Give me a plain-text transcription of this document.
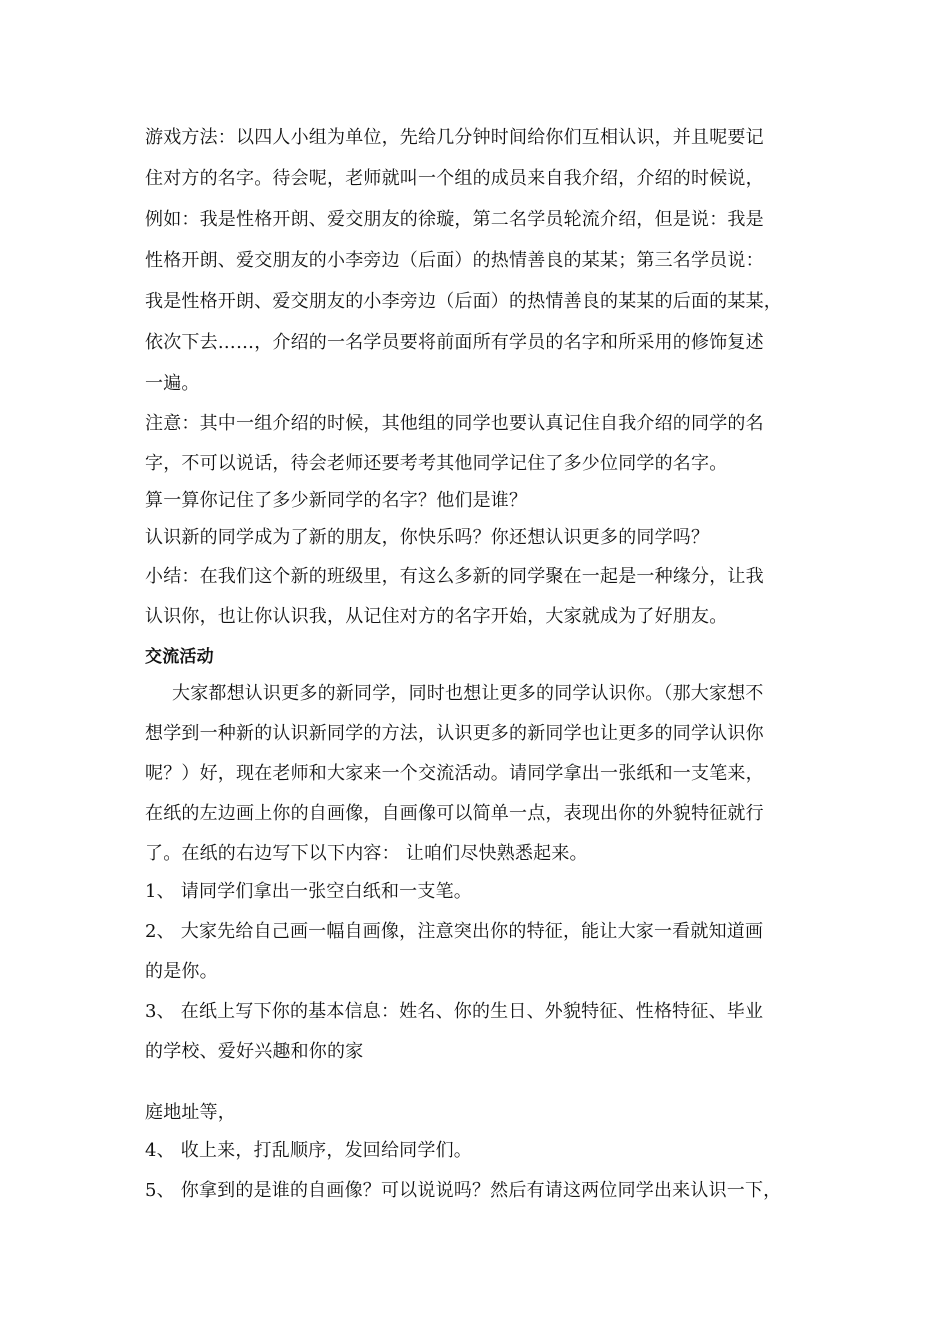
游戏方法：以四人小组为单位，先给几分钟时间给你们互相认识，并且呢要记
住对方的名字。待会呢，老师就叫一个组的成员来自我介绍，介绍的时候说，
例如：我是性格开朗、爱交朋友的徐璇，第二名学员轮流介绍，但是说：我是
性格开朗、爱交朋友的小李旁边（后面）的热情善良的某某；第三名学员说：
我是性格开朗、爱交朋友的小李旁边（后面）的热情善良的某某的后面的某某，
依次下去……，介绍的一名学员要将前面所有学员的名字和所采用的修饰复述
一遍。
注意：其中一组介绍的时候，其他组的同学也要认真记住自我介绍的同学的名
字，不可以说话，待会老师还要考考其他同学记住了多少位同学的名字。
算一算你记住了多少新同学的名字？他们是谁？
认识新的同学成为了新的朋友，你快乐吗？你还想认识更多的同学吗？
小结：在我们这个新的班级里，有这么多新的同学聚在一起是一种缘分，让我
认识你，也让你认识我，从记住对方的名字开始，大家就成为了好朋友。
交流活动
大家都想认识更多的新同学，同时也想让更多的同学认识你。（那大家想不
想学到一种新的认识新同学的方法，认识更多的新同学也让更多的同学认识你
呢？）好，现在老师和大家来一个交流活动。请同学拿出一张纸和一支笔来，
在纸的左边画上你的自画像，自画像可以简单一点，表现出你的外貌特征就行
了。在纸的右边写下以下内容： 让咱们尽快熟悉起来。
1、 请同学们拿出一张空白纸和一支笔。
2、 大家先给自己画一幅自画像，注意突出你的特征，能让大家一看就知道画
的是你。
3、 在纸上写下你的基本信息：姓名、你的生日、外貌特征、性格特征、毕业
的学校、爱好兴趣和你的家
庭地址等，
4、 收上来，打乱顺序，发回给同学们。
5、 你拿到的是谁的自画像？可以说说吗？然后有请这两位同学出来认识一下，
